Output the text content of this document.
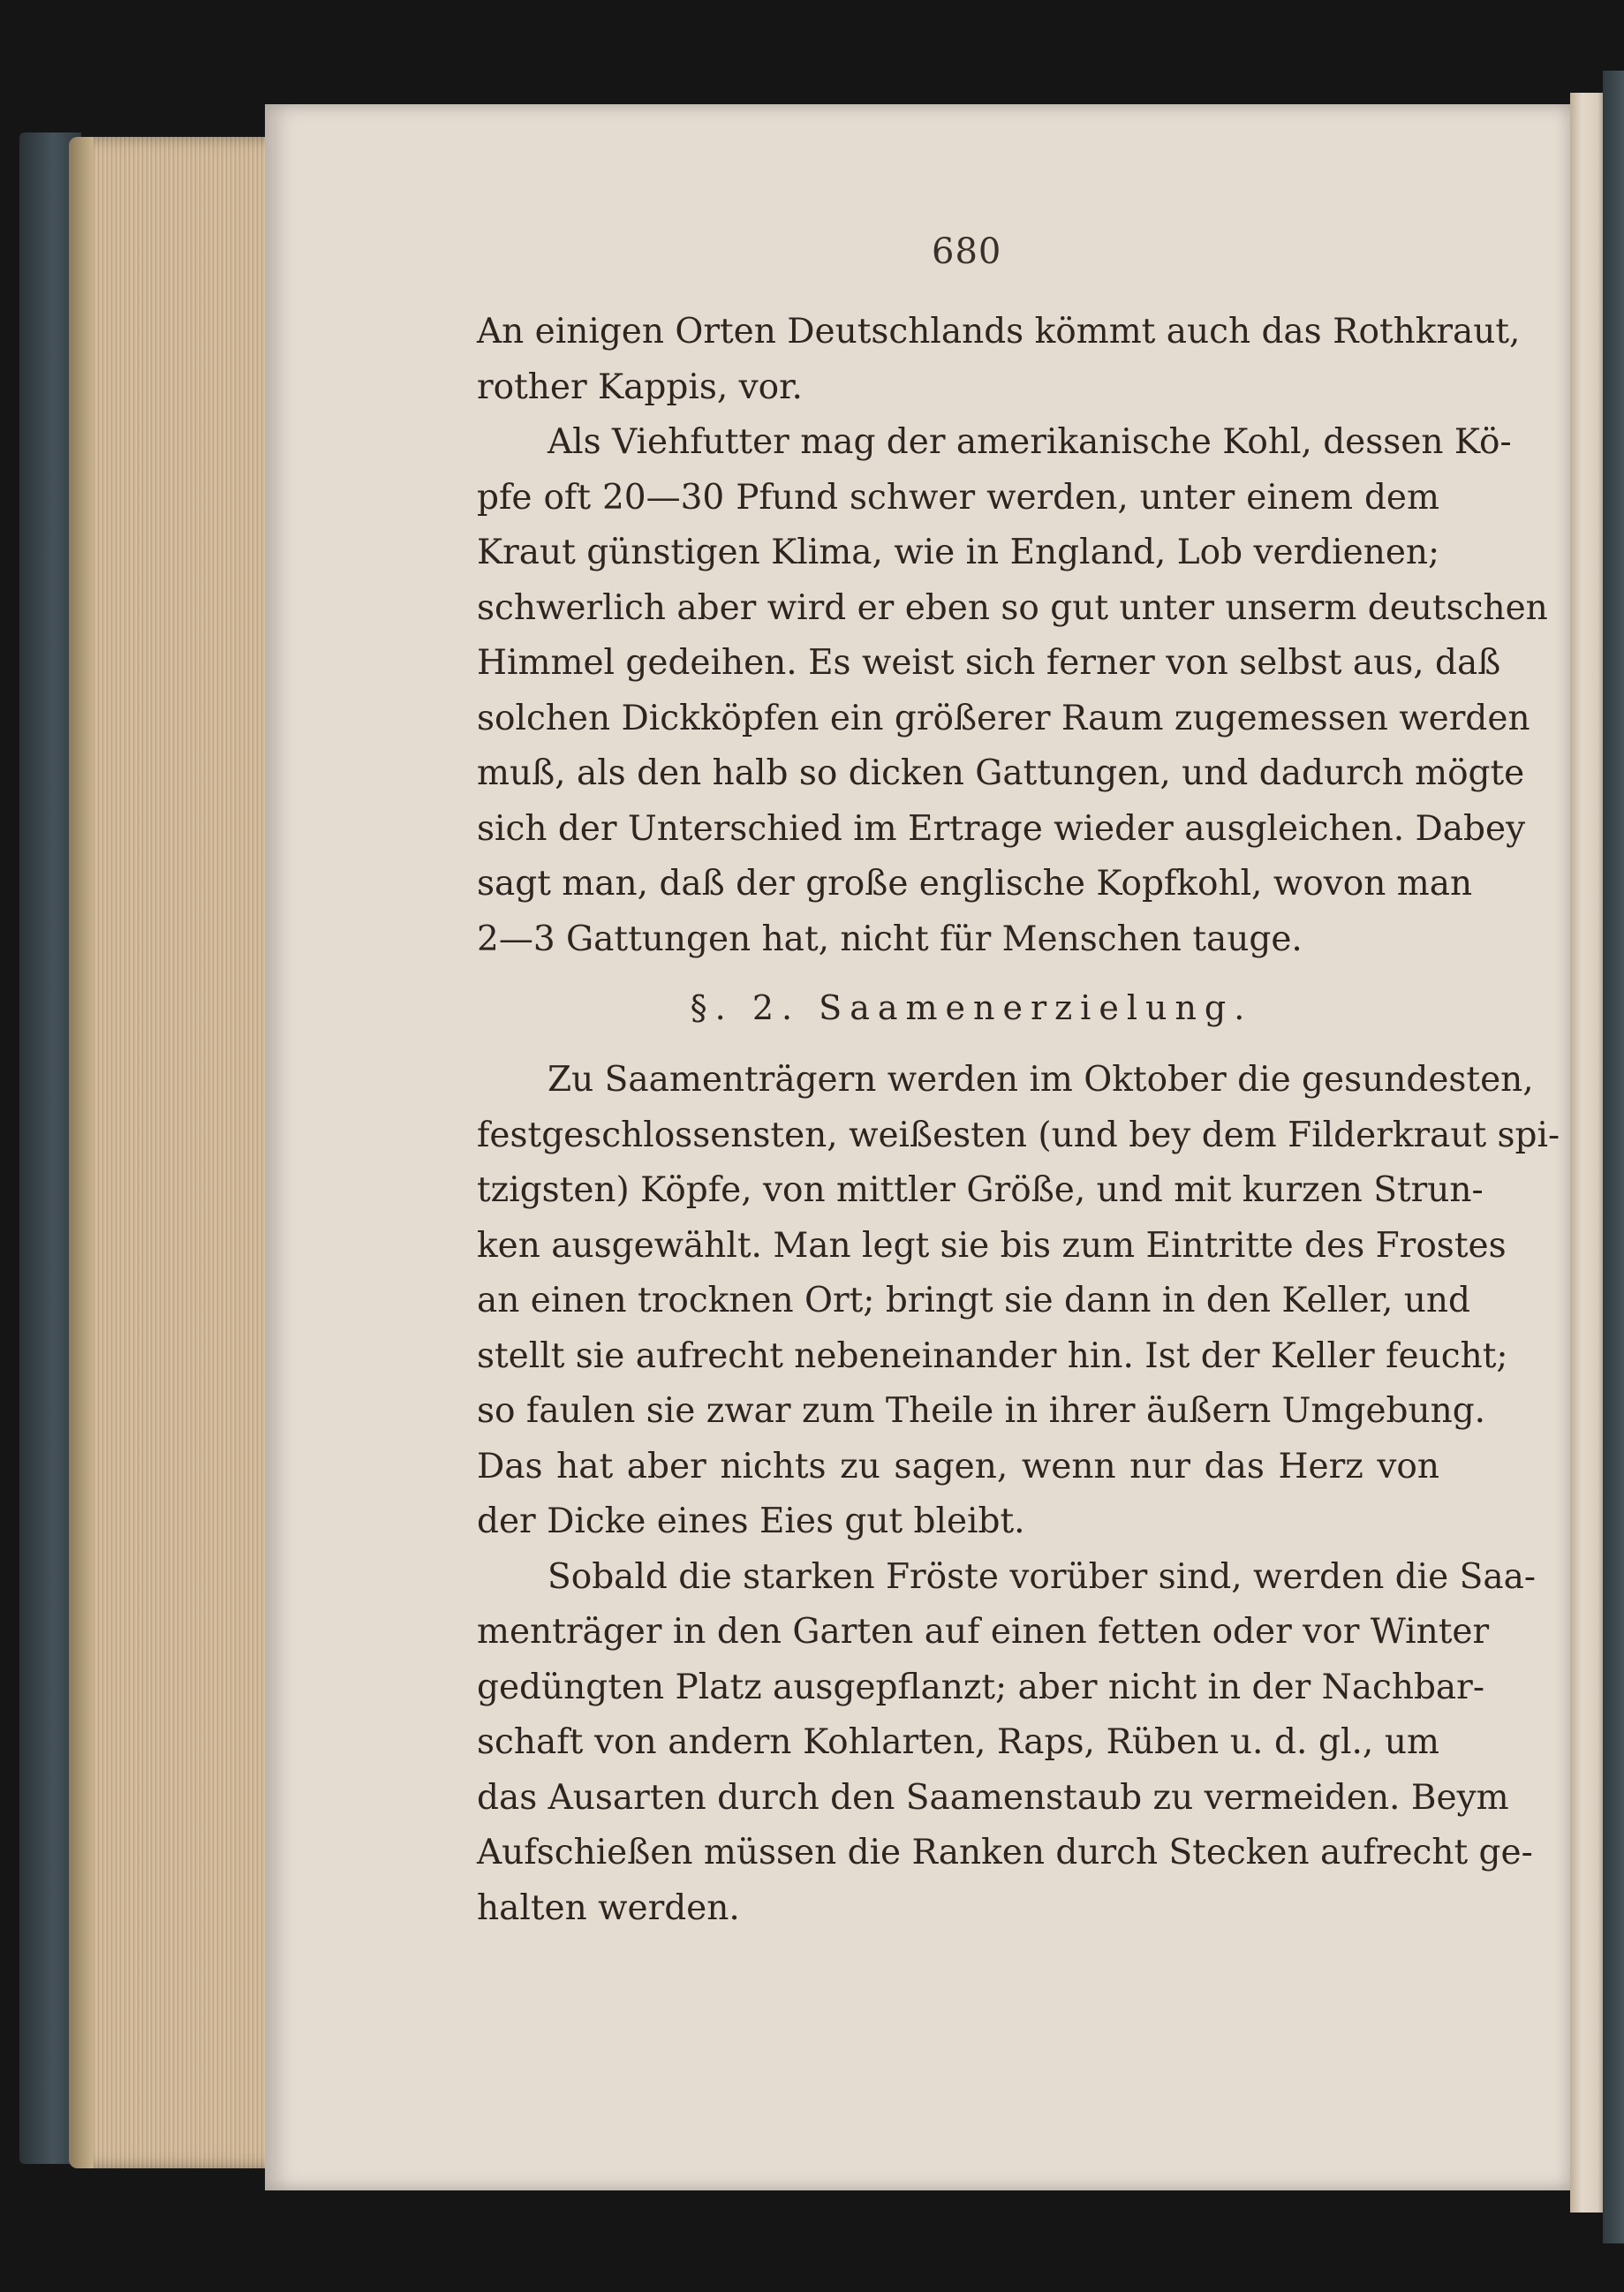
680
An einigen Orten Deutschlands kömmt auch das Rothkraut,
rother Kappis, vor.
Als Viehfutter mag der amerikanische Kohl, dessen Kö-
pfe oft 20—30 Pfund schwer werden, unter einem dem
Kraut günstigen Klima, wie in England, Lob verdienen;
schwerlich aber wird er eben so gut unter unserm deutschen
Himmel gedeihen. Es weist sich ferner von selbst aus, daß
solchen Dickköpfen ein größerer Raum zugemessen werden
muß, als den halb so dicken Gattungen, und dadurch mögte
sich der Unterschied im Ertrage wieder ausgleichen. Dabey
sagt man, daß der große englische Kopfkohl, wovon man
2—3 Gattungen hat, nicht für Menschen tauge.
§. 2. Saamenerzielung.
Zu Saamenträgern werden im Oktober die gesundesten,
festgeschlossensten, weißesten (und bey dem Filderkraut spi-
tzigsten) Köpfe, von mittler Größe, und mit kurzen Strun-
ken ausgewählt. Man legt sie bis zum Eintritte des Frostes
an einen trocknen Ort; bringt sie dann in den Keller, und
stellt sie aufrecht nebeneinander hin. Ist der Keller feucht;
so faulen sie zwar zum Theile in ihrer äußern Umgebung.
Das hat aber nichts zu sagen, wenn nur das Herz von
der Dicke eines Eies gut bleibt.
Sobald die starken Fröste vorüber sind, werden die Saa-
menträger in den Garten auf einen fetten oder vor Winter
gedüngten Platz ausgepflanzt; aber nicht in der Nachbar-
schaft von andern Kohlarten, Raps, Rüben u. d. gl., um
das Ausarten durch den Saamenstaub zu vermeiden. Beym
Aufschießen müssen die Ranken durch Stecken aufrecht ge-
halten werden.
